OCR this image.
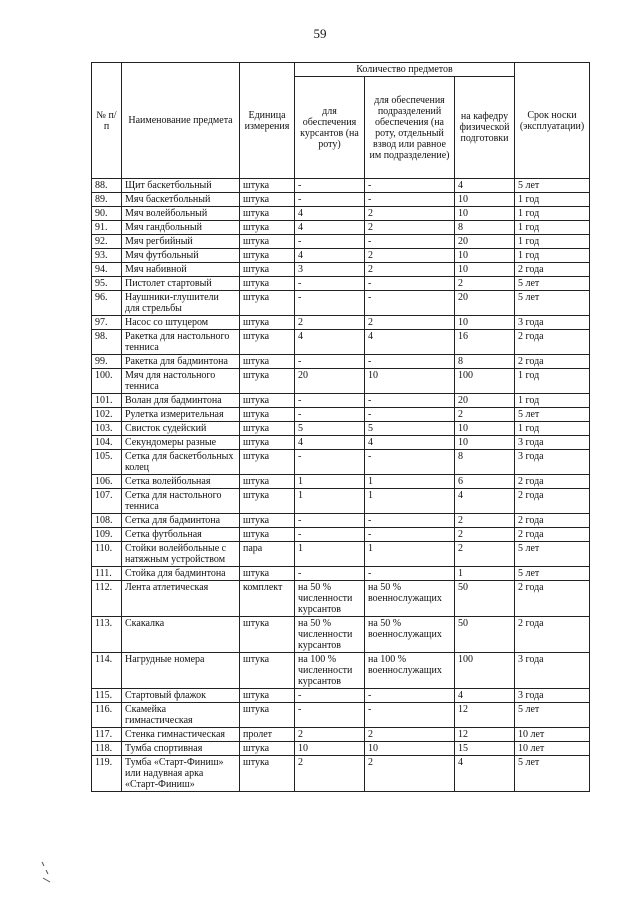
59
№ п/п	Наименование предмета	Единица измерения	Количество предметов			Срок носки (эксплуатации)
			для обеспечения курсантов (на роту)	для обеспечения подразделений обеспечения (на роту, отдельный взвод или равное им подразделение)	на кафедру физической подготовки	
88.	Щит баскетбольный	штука	-	-	4	5 лет
89.	Мяч баскетбольный	штука	-	-	10	1 год
90.	Мяч волейбольный	штука	4	2	10	1 год
91.	Мяч гандбольный	штука	4	2	8	1 год
92.	Мяч регбийный	штука	-	-	20	1 год
93.	Мяч футбольный	штука	4	2	10	1 год
94.	Мяч набивной	штука	3	2	10	2 года
95.	Пистолет стартовый	штука	-	-	2	5 лет
96.	Наушники-глушители для стрельбы	штука	-	-	20	5 лет
97.	Насос со штуцером	штука	2	2	10	3 года
98.	Ракетка для настольного тенниса	штука	4	4	16	2 года
99.	Ракетка для бадминтона	штука	-	-	8	2 года
100.	Мяч для настольного тенниса	штука	20	10	100	1 год
101.	Волан для бадминтона	штука	-	-	20	1 год
102.	Рулетка измерительная	штука	-	-	2	5 лет
103.	Свисток судейский	штука	5	5	10	1 год
104.	Секундомеры разные	штука	4	4	10	3 года
105.	Сетка для баскетбольных колец	штука	-	-	8	3 года
106.	Сетка волейбольная	штука	1	1	6	2 года
107.	Сетка для настольного тенниса	штука	1	1	4	2 года
108.	Сетка для бадминтона	штука	-	-	2	2 года
109.	Сетка футбольная	штука	-	-	2	2 года
110.	Стойки волейбольные с натяжным устройством	пара	1	1	2	5 лет
111.	Стойка для бадминтона	штука	-	-	1	5 лет
112.	Лента атлетическая	комплект	на 50 % численности курсантов	на 50 % военнослужащих	50	2 года
113.	Скакалка	штука	на 50 % численности курсантов	на 50 % военнослужащих	50	2 года
114.	Нагрудные номера	штука	на 100 % численности курсантов	на 100 % военнослужащих	100	3 года
115.	Стартовый флажок	штука	-	-	4	3 года
116.	Скамейка гимнастическая	штука	-	-	12	5 лет
117.	Стенка гимнастическая	пролет	2	2	12	10 лет
118.	Тумба спортивная	штука	10	10	15	10 лет
119.	Тумба «Старт-Финиш» или надувная арка «Старт-Финиш»	штука	2	2	4	5 лет
